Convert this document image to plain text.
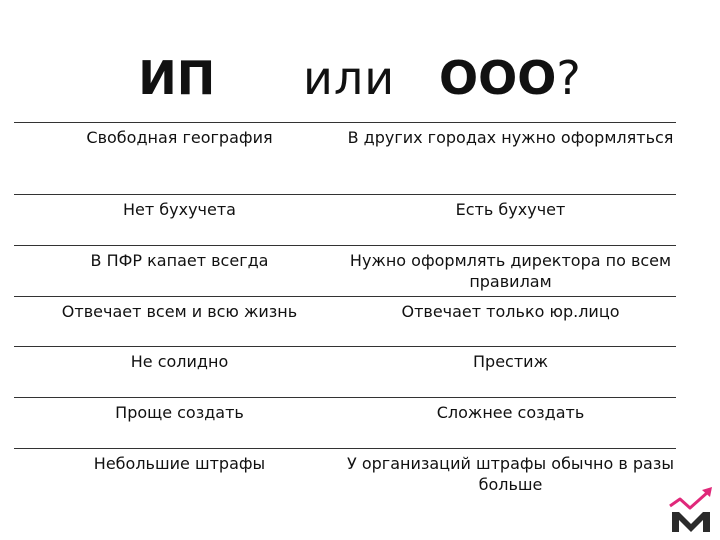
ИП или ООО?
Свободная география	В других городах нужно оформляться
Нет бухучета	Есть бухучет
В ПФР капает всегда	Нужно оформлять директора по всем правилам
Отвечает всем и всю жизнь	Отвечает только юр.лицо
Не солидно	Престиж
Проще создать	Сложнее создать
Небольшие штрафы	У организаций штрафы обычно в разы больше
